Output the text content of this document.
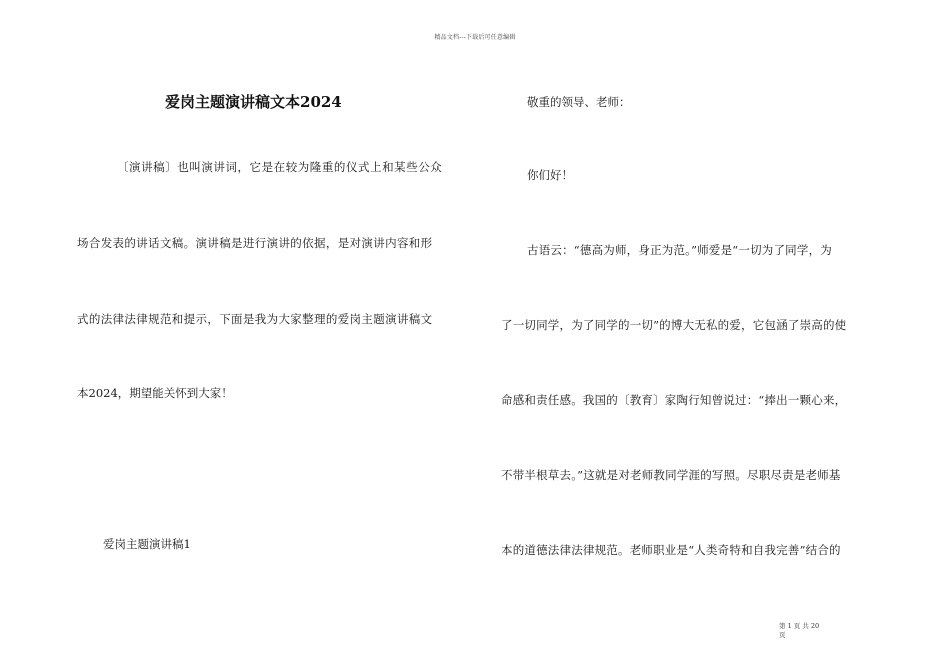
精品文档---下载后可任意编辑
爱岗主题演讲稿文本2024
〔演讲稿〕也叫演讲词，它是在较为隆重的仪式上和某些公众
场合发表的讲话文稿。演讲稿是进行演讲的依据，是对演讲内容和形
式的法律法律规范和提示，下面是我为大家整理的爱岗主题演讲稿文
本2024，期望能关怀到大家！
爱岗主题演讲稿1
敬重的领导、老师：
你们好！
古语云：“德高为师，身正为范。”师爱是“一切为了同学，为
了一切同学，为了同学的一切”的博大无私的爱，它包涵了崇高的使
命感和责任感。我国的〔教育〕家陶行知曾说过：“捧出一颗心来，
不带半根草去。”这就是对老师教同学涯的写照。尽职尽责是老师基
本的道德法律法律规范。老师职业是“人类奇特和自我完善”结合的
第 1 页 共 20
页
